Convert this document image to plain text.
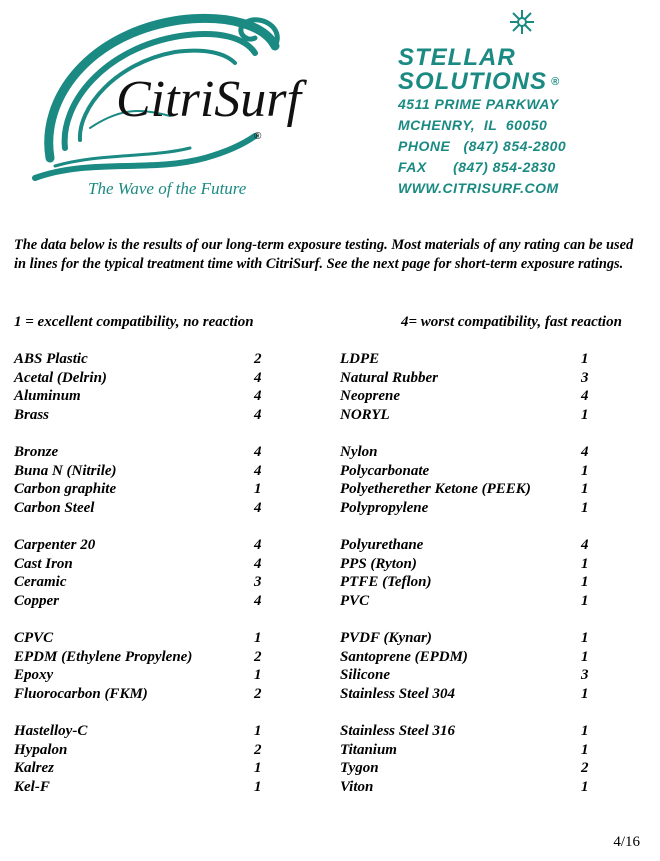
CitriSurf
®
The Wave of the Future

STELLAR

SOLUTIONS ®

4511 PRIME PARKWAY
MCHENRY,  IL  60050
PHONE   (847) 854-2800
FAX      (847) 854-2830
WWW.CITRISURF.COM

The data below is the results of our long-term exposure testing. Most materials of any rating can be used in lines for the typical treatment time with CitriSurf. See the next page for short-term exposure ratings.

1 = excellent compatibility, no reaction	4= worst compatibility, fast reaction
ABS Plastic	2
Acetal (Delrin)	4
Aluminum	4
Brass	4
Bronze	4
Buna N (Nitrile)	4
Carbon graphite	1
Carbon Steel	4
Carpenter 20	4
Cast Iron	4
Ceramic	3
Copper	4
CPVC	1
EPDM (Ethylene Propylene)	2
Epoxy	1
Fluorocarbon (FKM)	2
Hastelloy-C	1
Hypalon	2
Kalrez	1
Kel-F	1
LDPE	1
Natural Rubber	3
Neoprene	4
NORYL	1
Nylon	4
Polycarbonate	1
Polyetherether Ketone (PEEK)	1
Polypropylene	1
Polyurethane	4
PPS (Ryton)	1
PTFE (Teflon)	1
PVC	1
PVDF (Kynar)	1
Santoprene (EPDM)	1
Silicone	3
Stainless Steel 304	1
Stainless Steel 316	1
Titanium	1
Tygon	2
Viton	1
4/16
